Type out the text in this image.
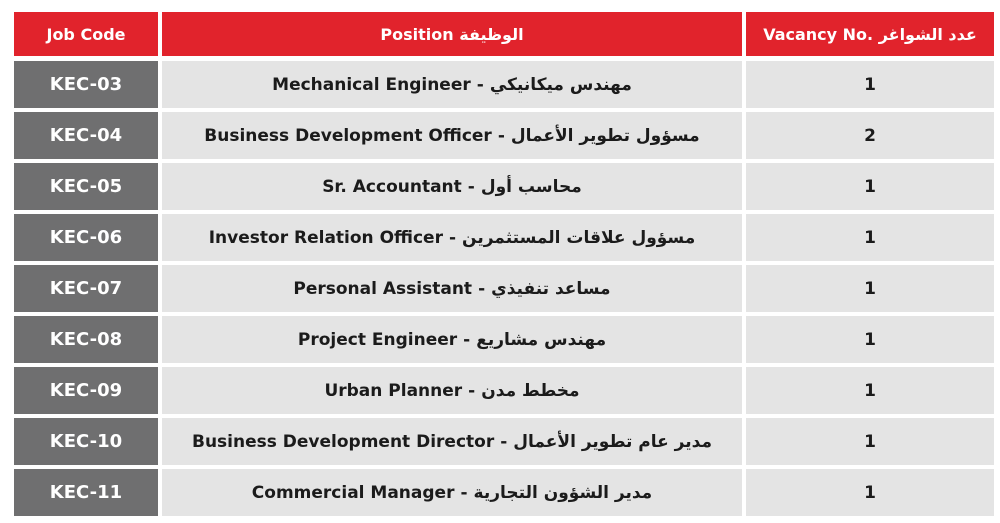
Job Code	Position الوظيفة	Vacancy No. عدد الشواغر
KEC-03	Mechanical Engineer - مهندس ميكانيكي	1
KEC-04	Business Development Officer - مسؤول تطوير الأعمال	2
KEC-05	Sr. Accountant - محاسب أول	1
KEC-06	Investor Relation Officer - مسؤول علاقات المستثمرين	1
KEC-07	Personal Assistant - مساعد تنفيذي	1
KEC-08	Project Engineer - مهندس مشاريع	1
KEC-09	Urban Planner - مخطط مدن	1
KEC-10	Business Development Director - مدير عام تطوير الأعمال	1
KEC-11	Commercial Manager - مدير الشؤون التجارية	1
